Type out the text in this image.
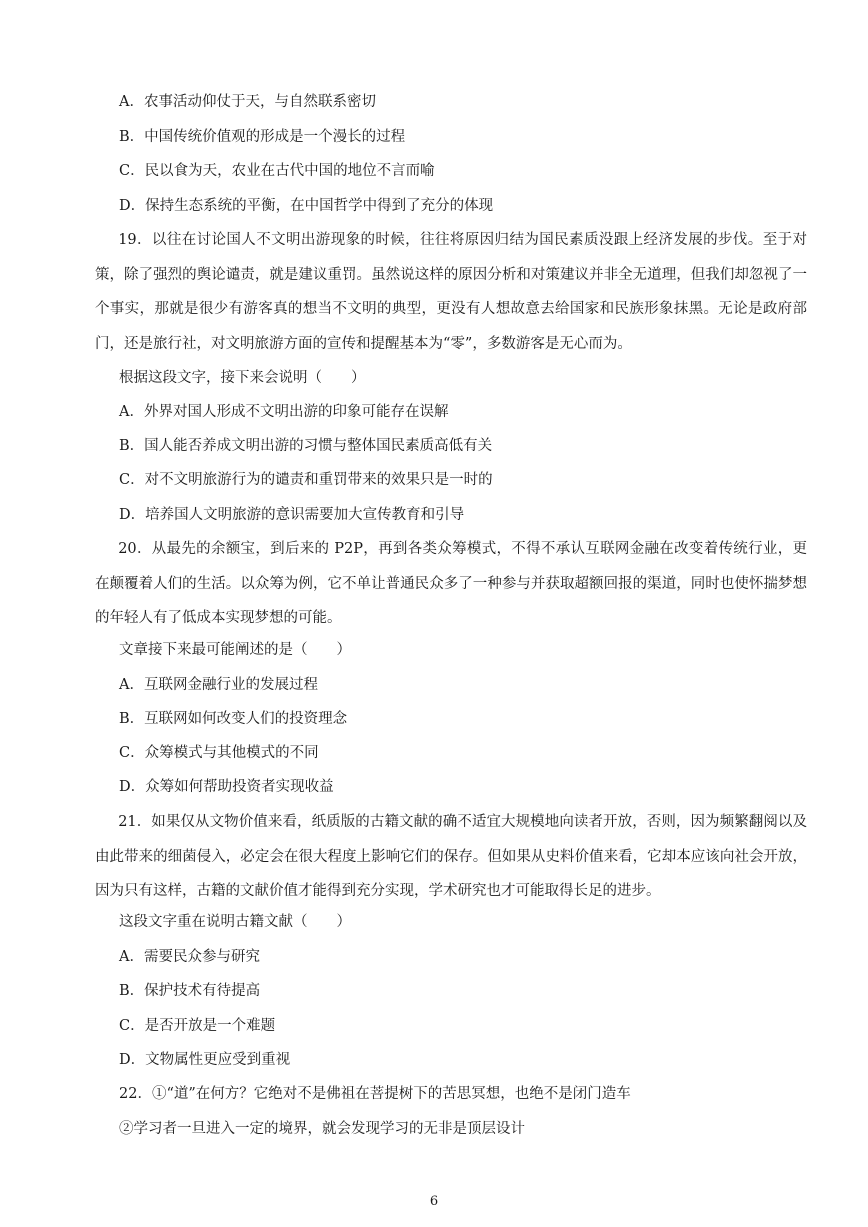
A．农事活动仰仗于天，与自然联系密切
B．中国传统价值观的形成是一个漫长的过程
C．民以食为天，农业在古代中国的地位不言而喻
D．保持生态系统的平衡，在中国哲学中得到了充分的体现
19．以往在讨论国人不文明出游现象的时候，往往将原因归结为国民素质没跟上经济发展的步伐。至于对策，除了强烈的舆论谴责，就是建议重罚。虽然说这样的原因分析和对策建议并非全无道理，但我们却忽视了一个事实，那就是很少有游客真的想当不文明的典型，更没有人想故意去给国家和民族形象抹黑。无论是政府部门，还是旅行社，对文明旅游方面的宣传和提醒基本为“零”，多数游客是无心而为。
根据这段文字，接下来会说明（　　）
A．外界对国人形成不文明出游的印象可能存在误解
B．国人能否养成文明出游的习惯与整体国民素质高低有关
C．对不文明旅游行为的谴责和重罚带来的效果只是一时的
D．培养国人文明旅游的意识需要加大宣传教育和引导
20．从最先的余额宝，到后来的 P2P，再到各类众筹模式，不得不承认互联网金融在改变着传统行业，更在颠覆着人们的生活。以众筹为例，它不单让普通民众多了一种参与并获取超额回报的渠道，同时也使怀揣梦想的年轻人有了低成本实现梦想的可能。
文章接下来最可能阐述的是（　　）
A．互联网金融行业的发展过程
B．互联网如何改变人们的投资理念
C．众筹模式与其他模式的不同
D．众筹如何帮助投资者实现收益
21．如果仅从文物价值来看，纸质版的古籍文献的确不适宜大规模地向读者开放，否则，因为频繁翻阅以及由此带来的细菌侵入，必定会在很大程度上影响它们的保存。但如果从史料价值来看，它却本应该向社会开放，因为只有这样，古籍的文献价值才能得到充分实现，学术研究也才可能取得长足的进步。
这段文字重在说明古籍文献（　　）
A．需要民众参与研究
B．保护技术有待提高
C．是否开放是一个难题
D．文物属性更应受到重视
22．①“道”在何方？它绝对不是佛祖在菩提树下的苦思冥想，也绝不是闭门造车
②学习者一旦进入一定的境界，就会发现学习的无非是顶层设计
6
